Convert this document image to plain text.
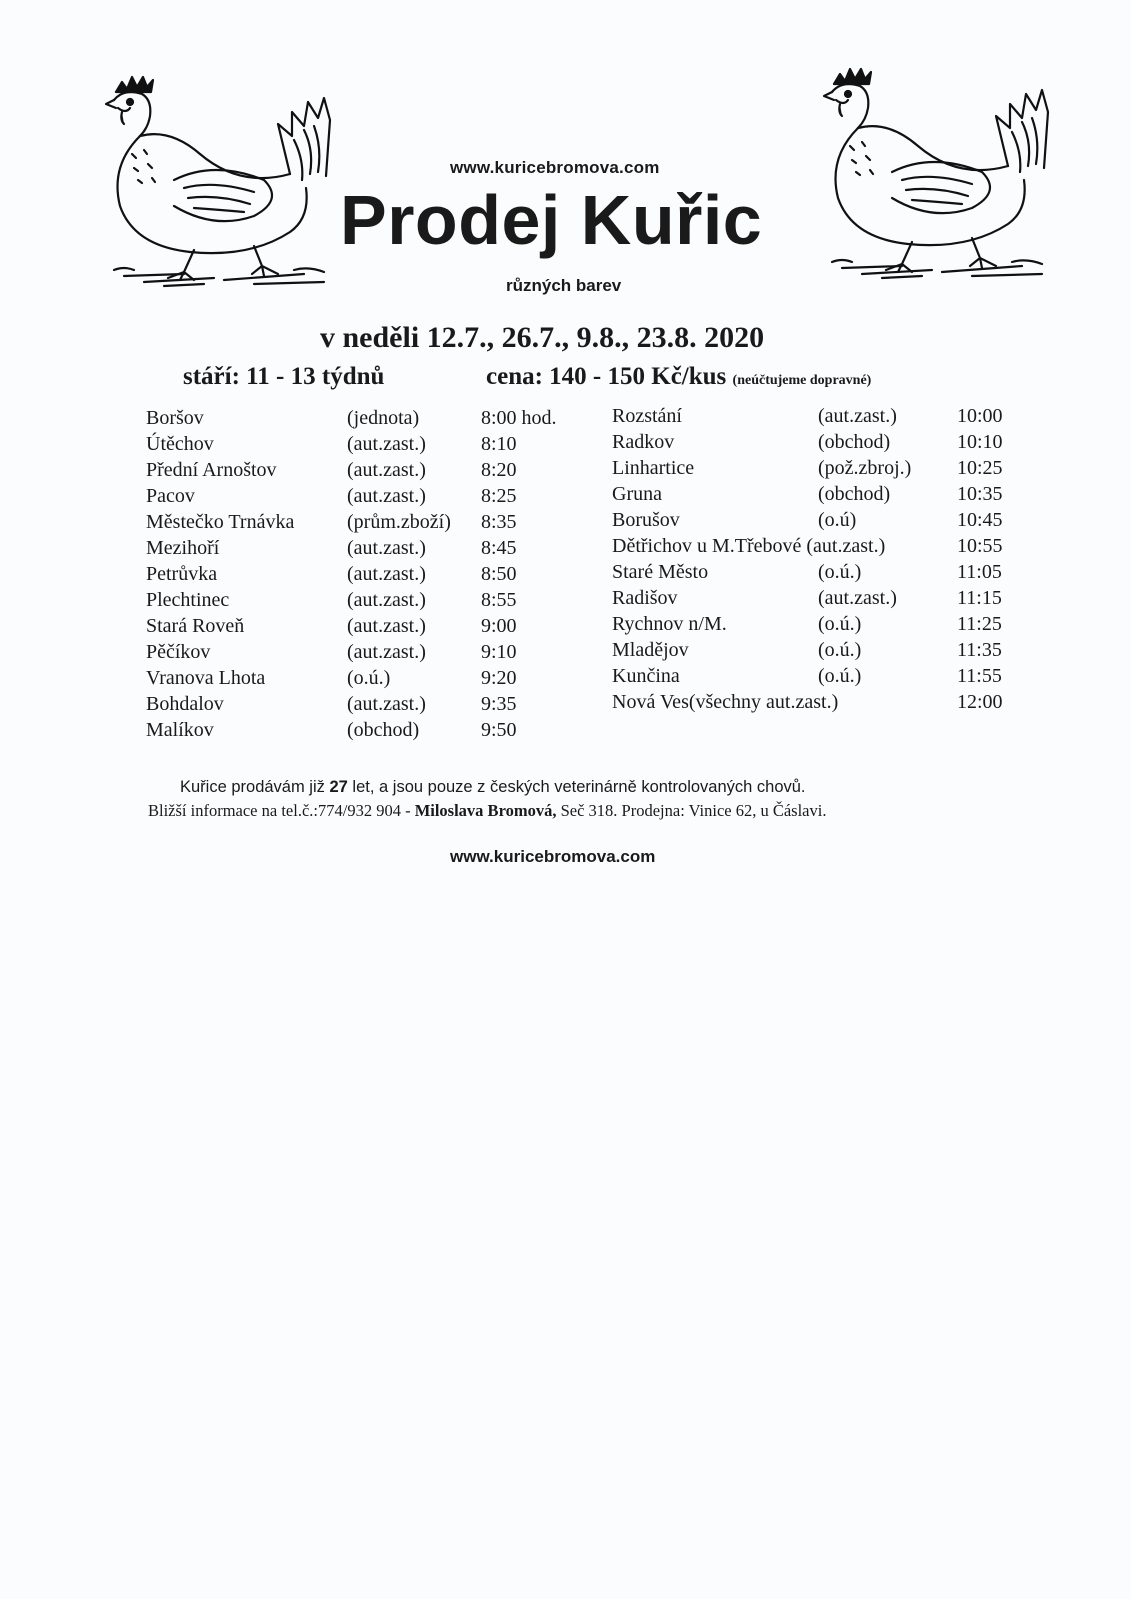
www.kuricebromova.com
Prodej Kuřic
různých barev
v neděli 12.7., 26.7., 9.8., 23.8. 2020
stáří: 11 - 13 týdnů	cena: 140 - 150 Kč/kus (neúčtujeme dopravné)
Boršov	(jednota)	8:00 hod.
Útěchov	(aut.zast.)	8:10
Přední Arnoštov	(aut.zast.)	8:20
Pacov	(aut.zast.)	8:25
Městečko Trnávka	(prům.zboží) 8:35
Mezihoří	(aut.zast.)	8:45
Petrůvka	(aut.zast.)	8:50
Plechtinec	(aut.zast.)	8:55
Stará Roveň	(aut.zast.)	9:00
Pěčíkov	(aut.zast.)	9:10
Vranova Lhota	(o.ú.)	9:20
Bohdalov	(aut.zast.)	9:35
Malíkov	(obchod)	9:50
Rozstání	(aut.zast.)	10:00
Radkov	(obchod)	10:10
Linhartice	(pož.zbroj.) 10:25
Gruna	(obchod)	10:35
Borušov	(o.ú)	10:45
Dětřichov u M.Třebové (aut.zast.)	10:55
Staré Město	(o.ú.)	11:05
Radišov	(aut.zast.)	11:15
Rychnov n/M.	(o.ú.)	11:25
Mladějov	(o.ú.)	11:35
Kunčina	(o.ú.)	11:55
Nová Ves(všechny aut.zast.)	12:00
Kuřice prodávám již 27 let, a jsou pouze z českých veterinárně kontrolovaných chovů.
Bližší informace na tel.č.:774/932 904 - Miloslava Bromová, Seč 318. Prodejna: Vinice 62, u Čáslavi.
www.kuricebromova.com
